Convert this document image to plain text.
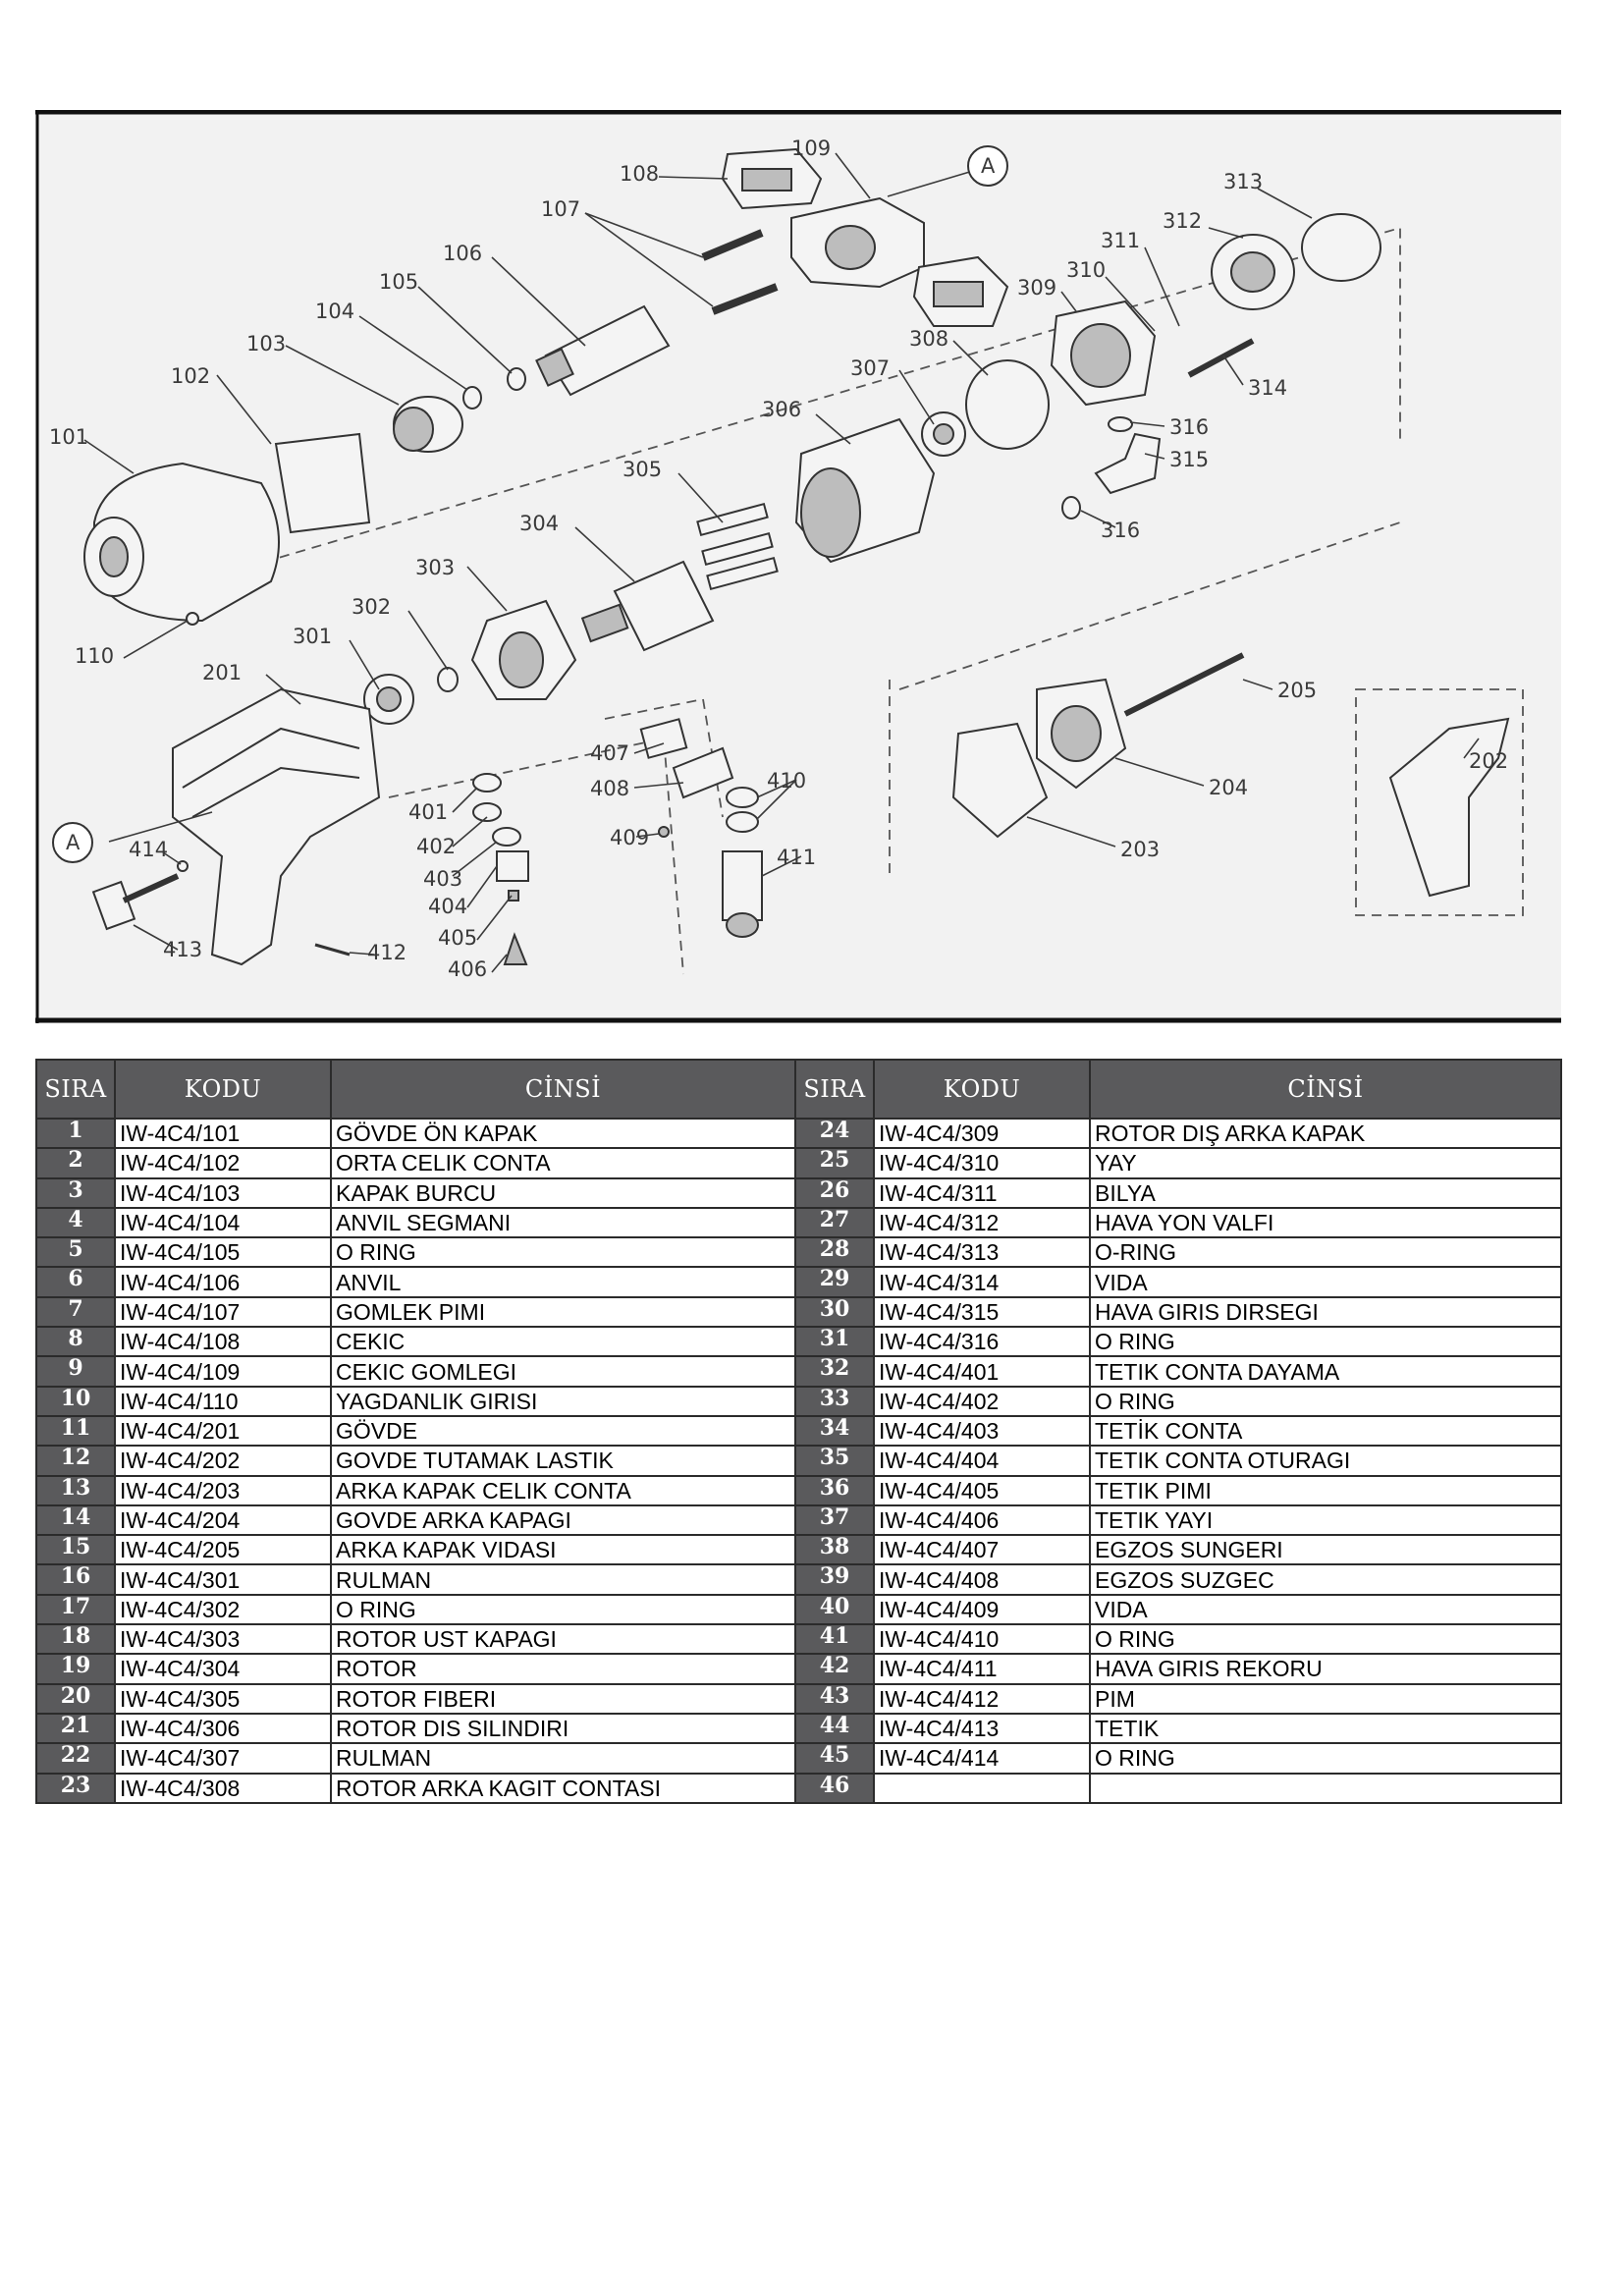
101
102
103
104
105
106
107
108
109
110
A
313
312
311
310
309
308
307
306
305
304
303
302
301
201
314
316
315
316
205
202
204
203
407
408
409
410
411
401
402
403
404
405
406
412
413
414
A
SIRA	KODU	CİNSİ	SIRA	KODU	CİNSİ
1	IW-4C4/101	GÖVDE ÖN KAPAK	24	IW-4C4/309	ROTOR DIŞ ARKA KAPAK
2	IW-4C4/102	ORTA CELIK CONTA	25	IW-4C4/310	YAY
3	IW-4C4/103	KAPAK BURCU	26	IW-4C4/311	BILYA
4	IW-4C4/104	ANVIL SEGMANI	27	IW-4C4/312	HAVA YON VALFI
5	IW-4C4/105	O RING	28	IW-4C4/313	O-RING
6	IW-4C4/106	ANVIL	29	IW-4C4/314	VIDA
7	IW-4C4/107	GOMLEK PIMI	30	IW-4C4/315	HAVA GIRIS DIRSEGI
8	IW-4C4/108	CEKIC	31	IW-4C4/316	O RING
9	IW-4C4/109	CEKIC GOMLEGI	32	IW-4C4/401	TETIK CONTA DAYAMA
10	IW-4C4/110	YAGDANLIK GIRISI	33	IW-4C4/402	O RING
11	IW-4C4/201	GÖVDE	34	IW-4C4/403	TETİK CONTA
12	IW-4C4/202	GOVDE TUTAMAK LASTIK	35	IW-4C4/404	TETIK CONTA OTURAGI
13	IW-4C4/203	ARKA KAPAK CELIK CONTA	36	IW-4C4/405	TETIK PIMI
14	IW-4C4/204	GOVDE ARKA KAPAGI	37	IW-4C4/406	TETIK YAYI
15	IW-4C4/205	ARKA KAPAK VIDASI	38	IW-4C4/407	EGZOS SUNGERI
16	IW-4C4/301	RULMAN	39	IW-4C4/408	EGZOS SUZGEC
17	IW-4C4/302	O RING	40	IW-4C4/409	VIDA
18	IW-4C4/303	ROTOR UST KAPAGI	41	IW-4C4/410	O RING
19	IW-4C4/304	ROTOR	42	IW-4C4/411	HAVA GIRIS REKORU
20	IW-4C4/305	ROTOR FIBERI	43	IW-4C4/412	PIM
21	IW-4C4/306	ROTOR DIS SILINDIRI	44	IW-4C4/413	TETIK
22	IW-4C4/307	RULMAN	45	IW-4C4/414	O RING
23	IW-4C4/308	ROTOR ARKA KAGIT CONTASI	46		
